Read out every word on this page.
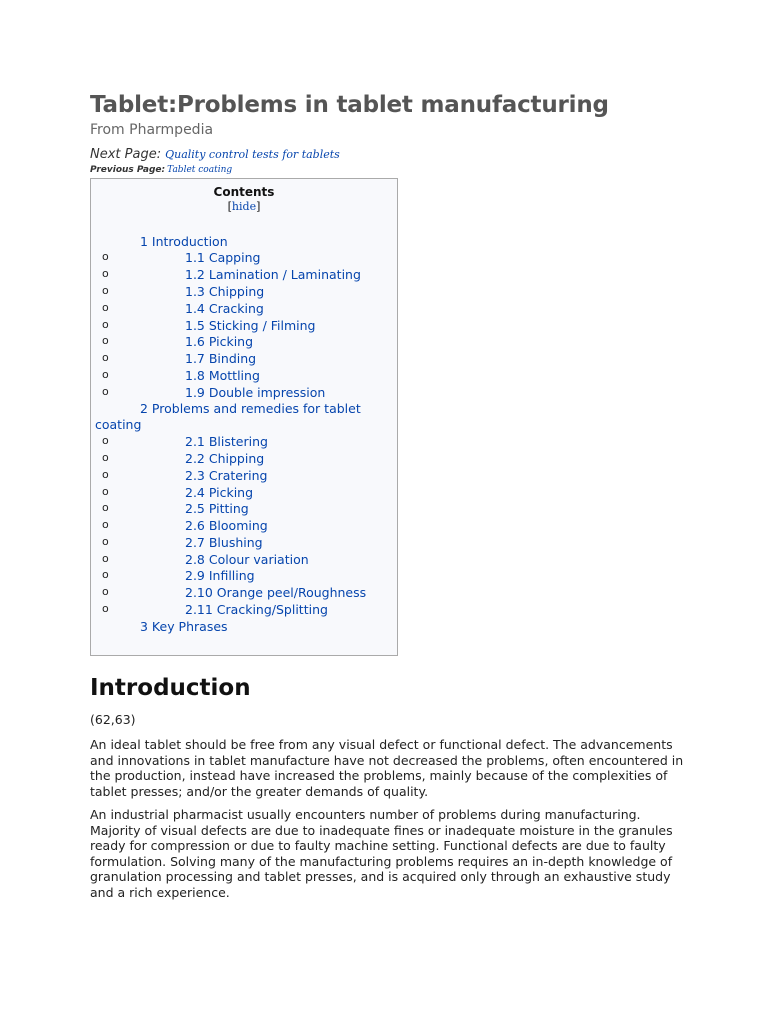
Tablet:Problems in tablet manufacturing
From Pharmpedia
Next Page: Quality control tests for tablets
Previous Page: Tablet coating
Contents
[hide]
1 Introduction
o	1.1 Capping
o	1.2 Lamination / Laminating
o	1.3 Chipping
o	1.4 Cracking
o	1.5 Sticking / Filming
o	1.6 Picking
o	1.7 Binding
o	1.8 Mottling
o	1.9 Double impression
2 Problems and remedies for tablet coating
o	2.1 Blistering
o	2.2 Chipping
o	2.3 Cratering
o	2.4 Picking
o	2.5 Pitting
o	2.6 Blooming
o	2.7 Blushing
o	2.8 Colour variation
o	2.9 Infilling
o	2.10 Orange peel/Roughness
o	2.11 Cracking/Splitting
3 Key Phrases
Introduction
(62,63)

An ideal tablet should be free from any visual defect or functional defect. The advancements and innovations in tablet manufacture have not decreased the problems, often encountered in the production, instead have increased the problems, mainly because of the complexities of tablet presses; and/or the greater demands of quality.

An industrial pharmacist usually encounters number of problems during manufacturing. Majority of visual defects are due to inadequate fines or inadequate moisture in the granules ready for compression or due to faulty machine setting. Functional defects are due to faulty formulation. Solving many of the manufacturing problems requires an in-depth knowledge of granulation processing and tablet presses, and is acquired only through an exhaustive study and a rich experience.
